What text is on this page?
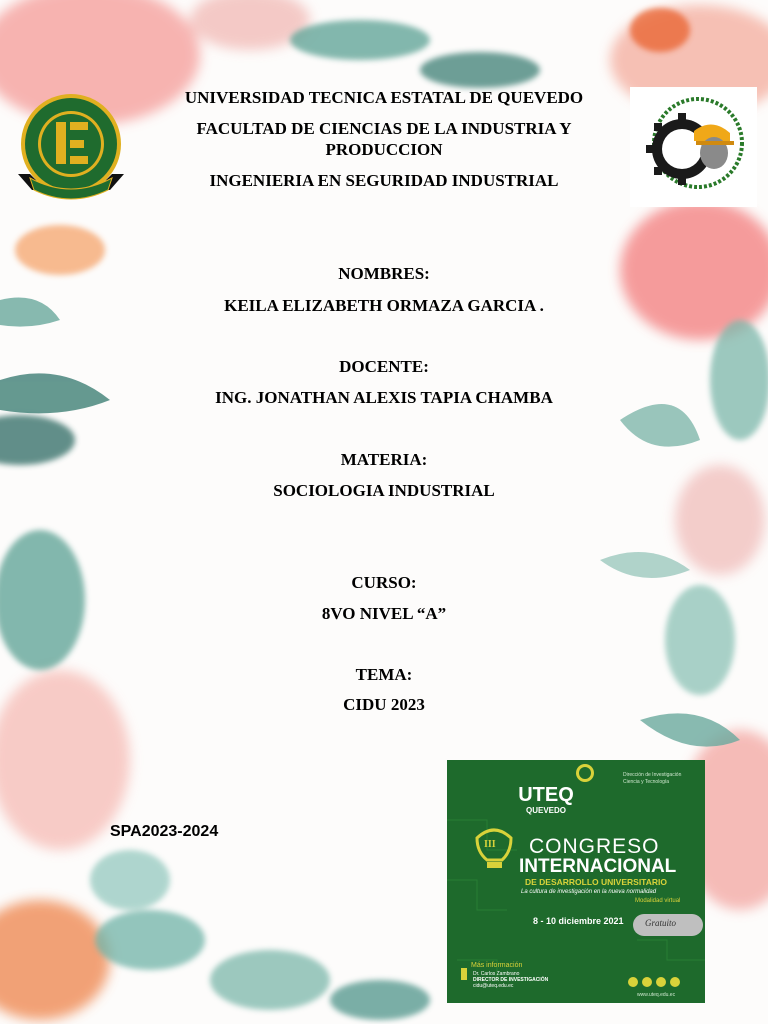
UNIVERSIDAD TECNICA ESTATAL DE QUEVEDO
FACULTAD DE CIENCIAS DE LA INDUSTRIA Y
PRODUCCION
INGENIERIA EN SEGURIDAD INDUSTRIAL
NOMBRES:
KEILA ELIZABETH ORMAZA GARCIA .
DOCENTE:
ING. JONATHAN ALEXIS TAPIA CHAMBA
MATERIA:
SOCIOLOGIA INDUSTRIAL
CURSO:
8VO NIVEL “A”
TEMA:
CIDU 2023
SPA2023-2024
UTEQ
QUEVEDO
Dirección de Investigación Ciencia y Tecnología
III CONGRESO
INTERNACIONAL
DE DESARROLLO UNIVERSITARIO
La cultura de investigación en la nueva normalidad
Modalidad virtual
8 - 10 diciembre 2021 Gratuito
Más información
Dr. Carlos Zambrano
DIRECTOR DE INVESTIGACIÓN
cidu@uteq.edu.ec
www.uteq.edu.ec
